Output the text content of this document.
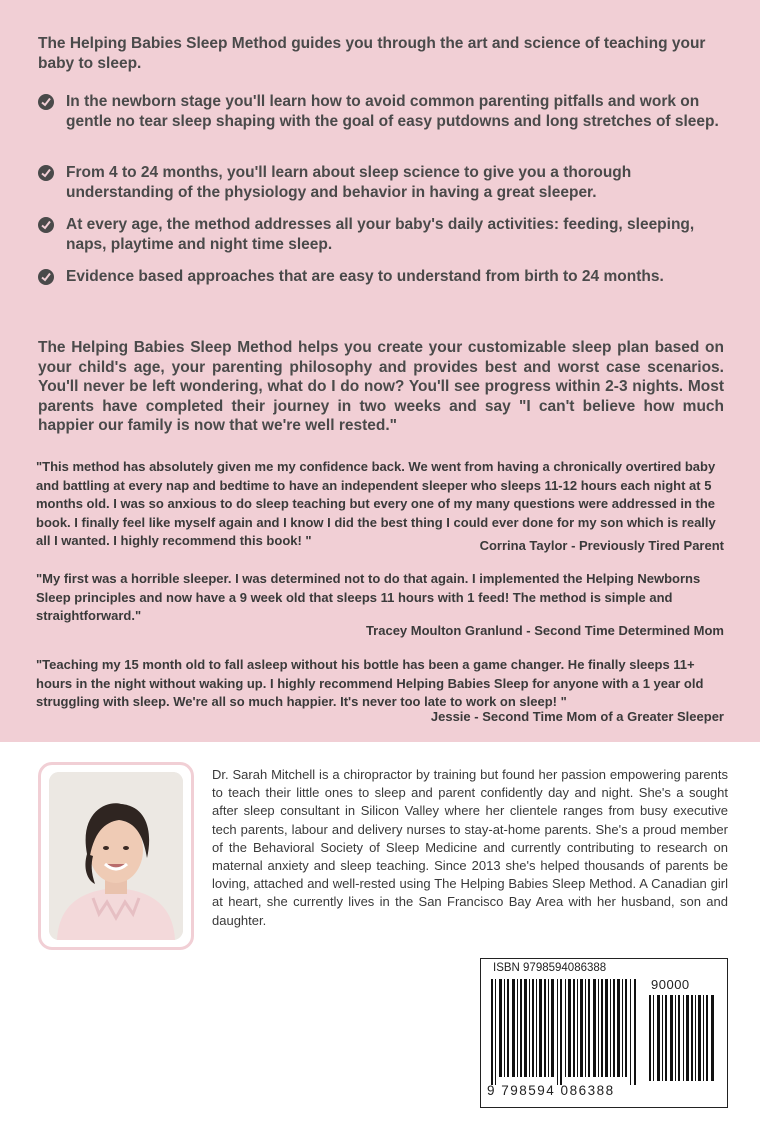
The Helping Babies Sleep Method guides you through the art and science of teaching your baby to sleep.

In the newborn stage you'll learn how to avoid common parenting pitfalls and work on gentle no tear sleep shaping with the goal of easy putdowns and long stretches of sleep.
From 4 to 24 months, you'll learn about sleep science to give you a thorough understanding of the physiology and behavior in having a great sleeper.
At every age, the method addresses all your baby's daily activities: feeding, sleeping, naps, playtime and night time sleep.
Evidence based approaches that are easy to understand from birth to 24 months.

The Helping Babies Sleep Method helps you create your customizable sleep plan based on your child's age, your parenting philosophy and provides best and worst case scenarios. You'll never be left wondering, what do I do now? You'll see progress within 2-3 nights. Most parents have completed their journey in two weeks and say "I can't believe how much happier our family is now that we're well rested."

"This method has absolutely given me my confidence back. We went from having a chronically overtired baby and battling at every nap and bedtime to have an independent sleeper who sleeps 11-12 hours each night at 5 months old. I was so anxious to do sleep teaching but every one of my many questions were addressed in the book. I finally feel like myself again and I know I did the best thing I could ever done for my son which is really all I wanted. I highly recommend this book! "	Corrina Taylor - Previously Tired Parent

"My first was a horrible sleeper. I was determined not to do that again. I implemented the Helping Newborns Sleep principles and now have a 9 week old that sleeps 11 hours with 1 feed! The method is simple and straightforward."

Tracey Moulton Granlund - Second Time Determined Mom

"Teaching my 15 month old to fall asleep without his bottle has been a game changer. He finally sleeps 11+ hours in the night without waking up. I highly recommend Helping Babies Sleep for anyone with a 1 year old struggling with sleep. We're all so much happier. It's never too late to work on sleep! "

Jessie - Second Time Mom of a Greater Sleeper

Dr. Sarah Mitchell is a chiropractor by training but found her passion empowering parents to teach their little ones to sleep and parent confidently day and night. She's a sought after sleep consultant in Silicon Valley where her clientele ranges from busy executive tech parents, labour and delivery nurses to stay-at-home parents. She's a proud member of the Behavioral Society of Sleep Medicine and currently contributing to research on maternal anxiety and sleep teaching. Since 2013 she's helped thousands of parents be loving, attached and well-rested using The Helping Babies Sleep Method. A Canadian girl at heart, she currently lives in the San Francisco Bay Area with her husband, son and daughter.

ISBN 9798594086388
90000
9 798594 086388
